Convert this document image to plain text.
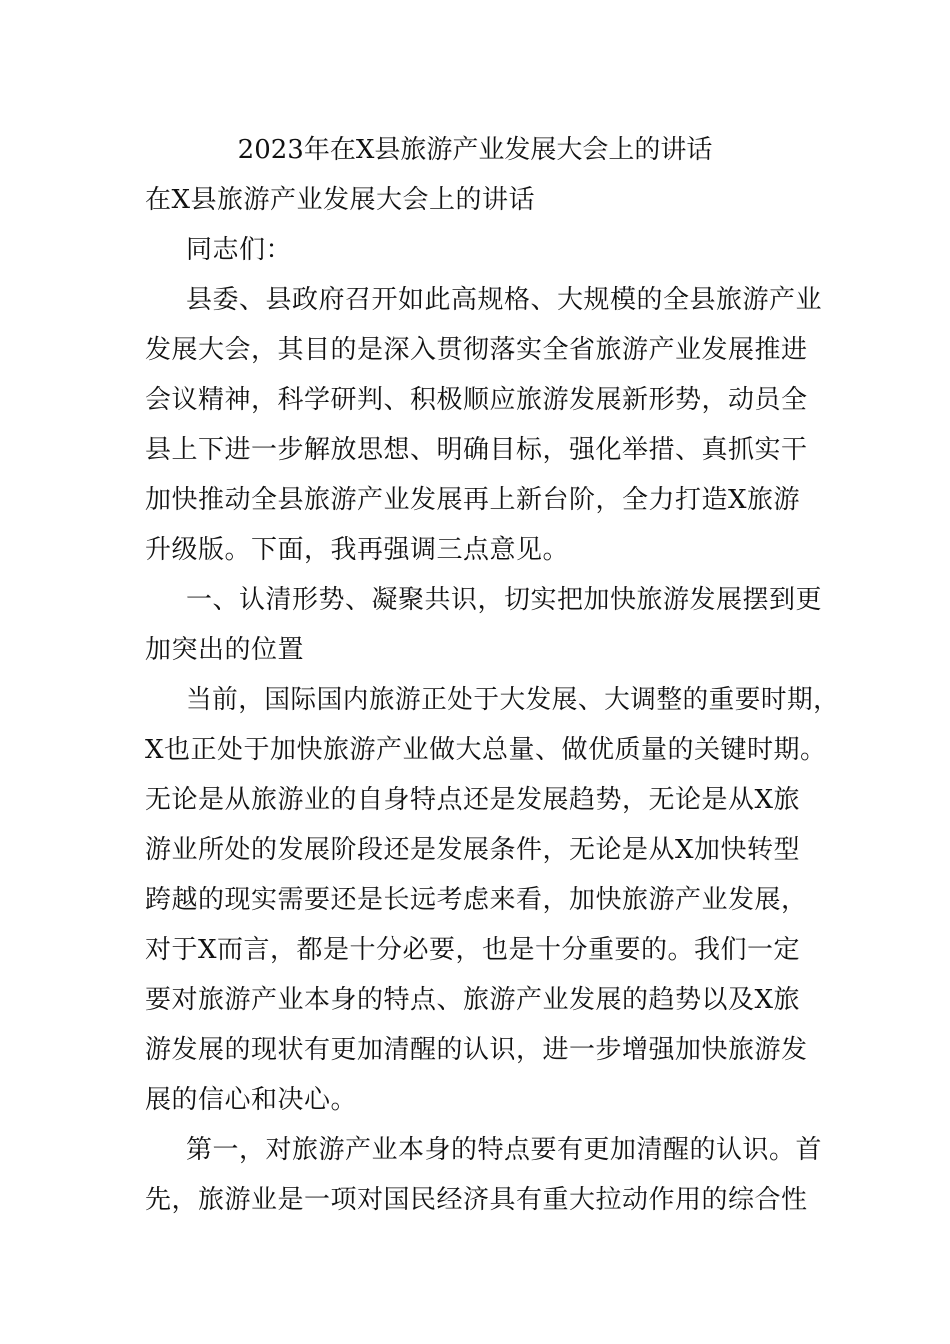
2023年在X县旅游产业发展大会上的讲话
在X县旅游产业发展大会上的讲话
同志们：
县委、县政府召开如此高规格、大规模的全县旅游产业
发展大会，其目的是深入贯彻落实全省旅游产业发展推进
会议精神，科学研判、积极顺应旅游发展新形势，动员全
县上下进一步解放思想、明确目标，强化举措、真抓实干
加快推动全县旅游产业发展再上新台阶，全力打造X旅游
升级版。下面，我再强调三点意见。
一、认清形势、凝聚共识，切实把加快旅游发展摆到更
加突出的位置
当前，国际国内旅游正处于大发展、大调整的重要时期，
X也正处于加快旅游产业做大总量、做优质量的关键时期。
无论是从旅游业的自身特点还是发展趋势，无论是从X旅
游业所处的发展阶段还是发展条件，无论是从X加快转型
跨越的现实需要还是长远考虑来看，加快旅游产业发展，
对于X而言，都是十分必要，也是十分重要的。我们一定
要对旅游产业本身的特点、旅游产业发展的趋势以及X旅
游发展的现状有更加清醒的认识，进一步增强加快旅游发
展的信心和决心。
第一，对旅游产业本身的特点要有更加清醒的认识。首
先，旅游业是一项对国民经济具有重大拉动作用的综合性
